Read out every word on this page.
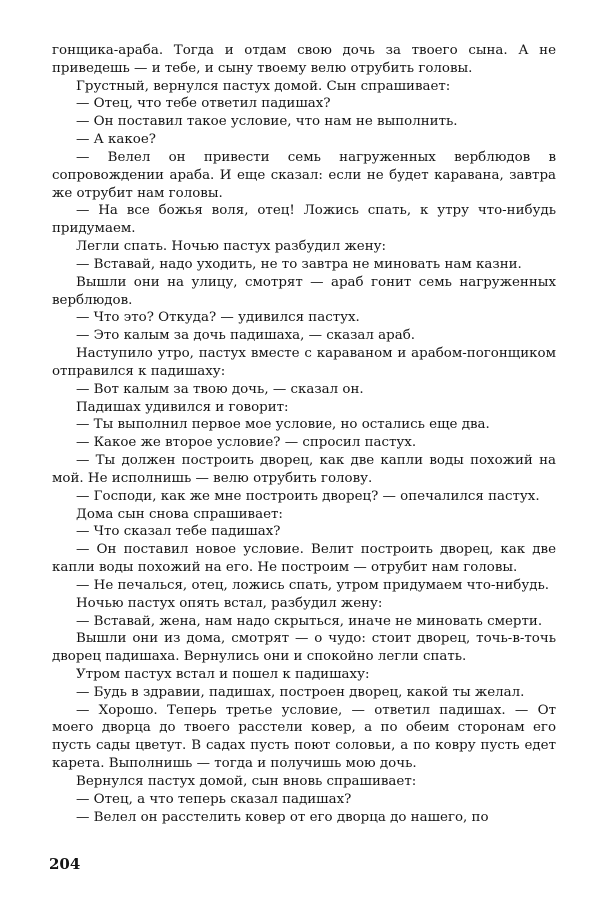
гонщика-араба. Тогда и отдам свою дочь за твоего сына. А не приведешь — и тебе, и сыну твоему велю отрубить головы.

Грустный, вернулся пастух домой. Сын спрашивает:

— Отец, что тебе ответил падишах?

— Он поставил такое условие, что нам не выполнить.

— А какое?

— Велел он привести семь нагруженных верблюдов в сопровождении араба. И еще сказал: если не будет каравана, завтра же отрубит нам головы.

— На все божья воля, отец! Ложись спать, к утру что-нибудь придумаем.

Легли спать. Ночью пастух разбудил жену:

— Вставай, надо уходить, не то завтра не миновать нам казни.

Вышли они на улицу, смотрят — араб гонит семь нагруженных верблюдов.

— Что это? Откуда? — удивился пастух.

— Это калым за дочь падишаха, — сказал араб.

Наступило утро, пастух вместе с караваном и арабом-погонщиком отправился к падишаху:

— Вот калым за твою дочь, — сказал он.

Падишах удивился и говорит:

— Ты выполнил первое мое условие, но остались еще два.

— Какое же второе условие? — спросил пастух.

— Ты должен построить дворец, как две капли воды похожий на мой. Не исполнишь — велю отрубить голову.

— Господи, как же мне построить дворец? — опечалился пастух.

Дома сын снова спрашивает:

— Что сказал тебе падишах?

— Он поставил новое условие. Велит построить дворец, как две капли воды похожий на его. Не построим — отрубит нам головы.

— Не печалься, отец, ложись спать, утром придумаем что-нибудь.

Ночью пастух опять встал, разбудил жену:

— Вставай, жена, нам надо скрыться, иначе не миновать смерти.

Вышли они из дома, смотрят — о чудо: стоит дворец, точь-в-точь дворец падишаха. Вернулись они и спокойно легли спать.

Утром пастух встал и пошел к падишаху:

— Будь в здравии, падишах, построен дворец, какой ты желал.

— Хорошо. Теперь третье условие, — ответил падишах. — От моего дворца до твоего расстели ковер, а по обеим сторонам его пусть сады цветут. В садах пусть поют соловьи, а по ковру пусть едет карета. Выполнишь — тогда и получишь мою дочь.

Вернулся пастух домой, сын вновь спрашивает:

— Отец, а что теперь сказал падишах?

— Велел он расстелить ковер от его дворца до нашего, по

204
